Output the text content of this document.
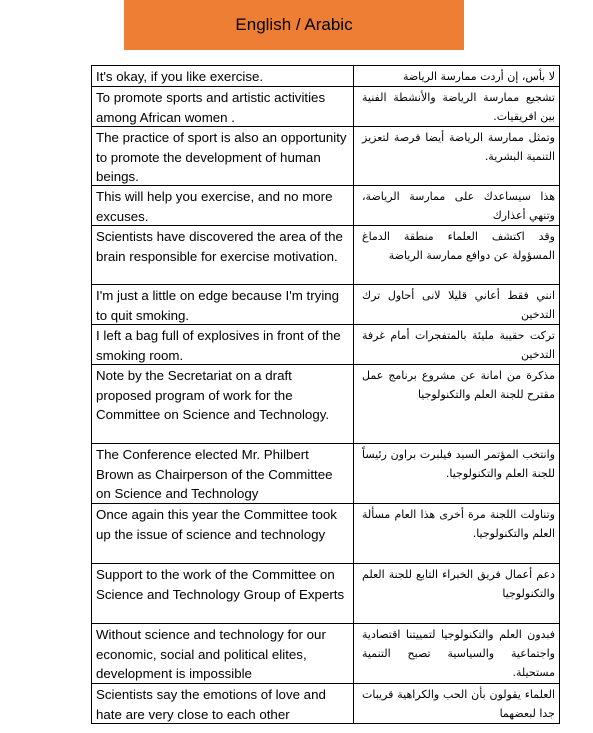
English / Arabic
It's okay, if you like exercise.	لا بأس، إن أردت ممارسة الرياضة
To promote sports and artistic activities among African women .
تشجيع ممارسة الرياضة والأنشطة الفنية بين افريقيات.
The practice of sport is also an opportunity to promote the development of human beings.
وتمثل ممارسة الرياضة أيضا فرصة لتعزيز التنمية البشرية.
This will help you exercise, and no more excuses.
هذا سيساعدك على ممارسة الرياضة، وتنهي أعذارك
Scientists have discovered the area of the brain responsible for exercise motivation.
وقد اكتشف العلماء منطقة الدماغ المسؤولة عن دوافع ممارسة الرياضة
I'm just a little on edge because I'm trying to quit smoking.
انني فقط أعاني قليلا لانى أحاول ترك التدخين
I left a bag full of explosives in front of the smoking room.
تركت حقيبة مليئة بالمتفجرات أمام غرفة التدخين
Note by the Secretariat on a draft proposed program of work for the Committee on Science and Technology.
مذكرة من امانة عن مشروع برنامج عمل مقترح للجنة العلم والتكنولوجيا
The Conference elected Mr. Philbert Brown as Chairperson of the Committee on Science and Technology
وانتخب المؤتمر السيد فيلبرت براون رئيساً للجنة العلم والتكنولوجيا.
Once again this year the Committee took up the issue of science and technology
وتناولت اللجنة مرة أخرى هذا العام مسألة العلم والتكنولوجيا.
Support to the work of the Committee on Science and Technology Group of Experts
دعم أعمال فريق الخبراء التابع للجنة العلم والتكنولوجيا
Without science and technology for our economic, social and political elites, development is impossible
فبدون العلم والتكنولوجيا لتمييتنا اقتصادية واجتماعية والسياسية تصبح التنمية مستحيلة.
Scientists say the emotions of love and hate are very close to each other
العلماء يقولون بأن الحب والكراهية قريبات جدا لبعضهما
